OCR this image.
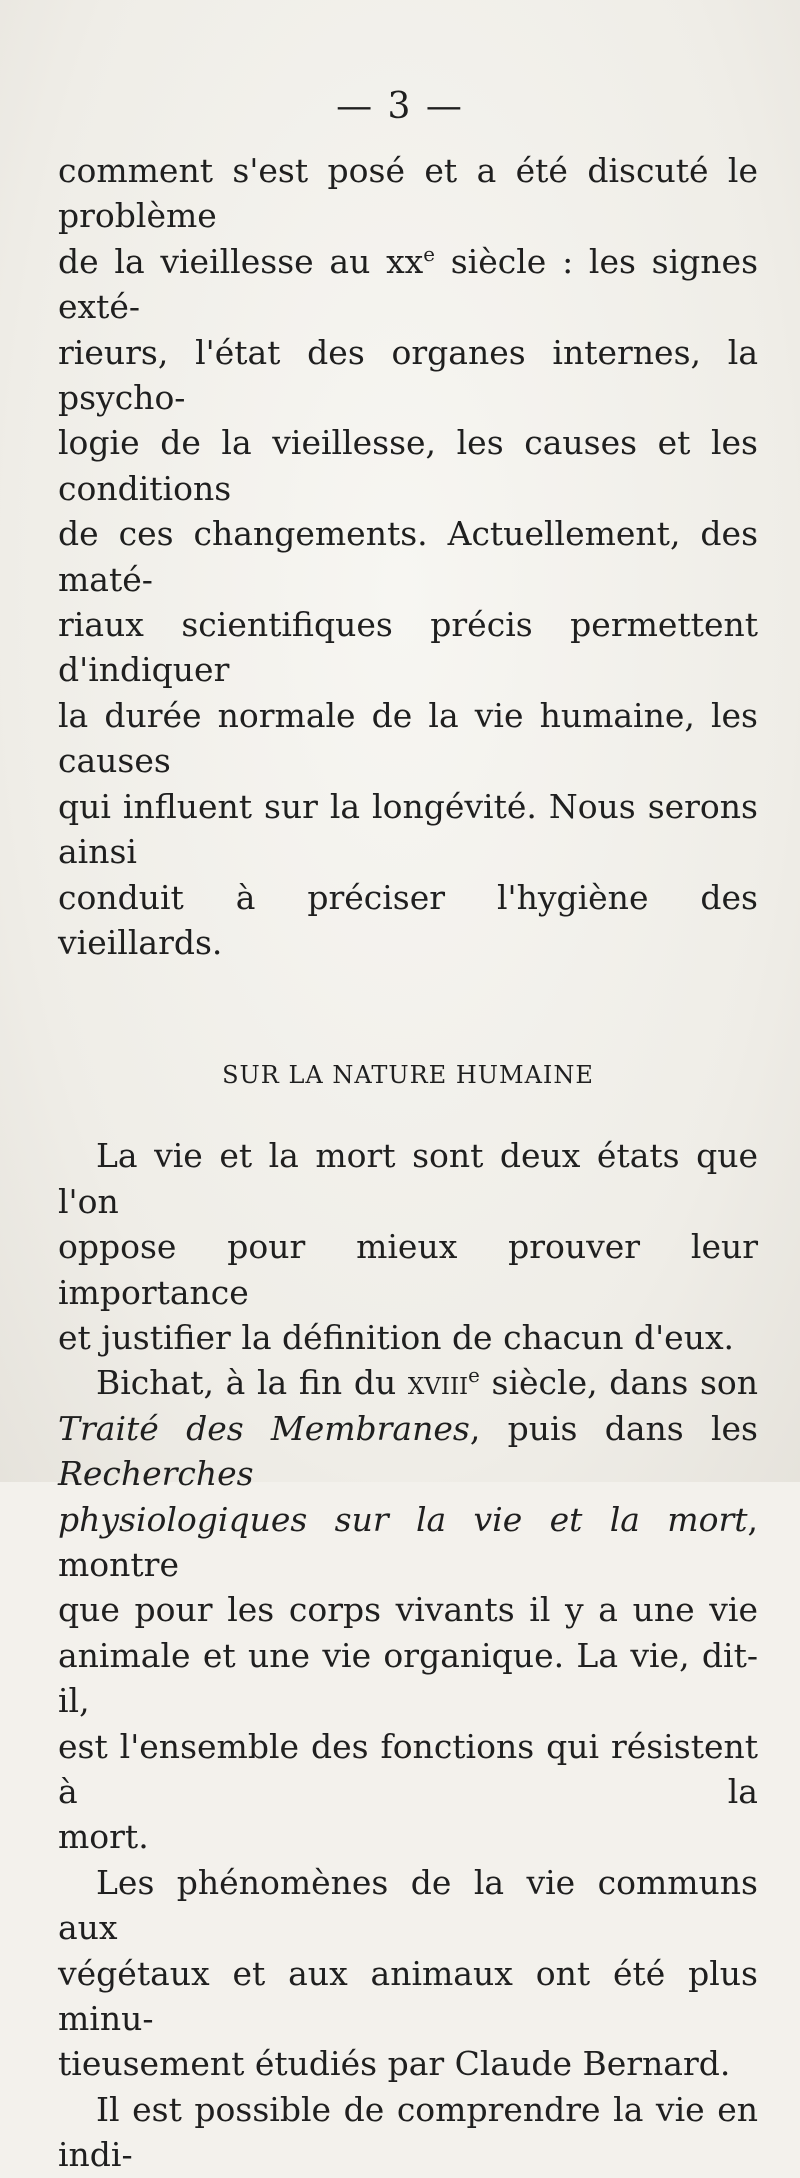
— 3 —

comment s'est posé et a été discuté le problème

de la vieillesse au $xx^e$ siècle : les signes exté-

rieurs, l'état des organes internes, la psycho-

logie de la vieillesse, les causes et les conditions

de ces changements. Actuellement, des maté-

riaux scientifiques précis permettent d'indiquer

la durée normale de la vie humaine, les causes

qui influent sur la longévité. Nous serons ainsi

conduit à préciser l'hygiène des vieillards.

SUR LA NATURE HUMAINE

La vie et la mort sont deux états que l'on

oppose pour mieux prouver leur importance

et justifier la définition de chacun d'eux.

Bichat, à la fin du xviii$^e$ siècle, dans son

Traité des Membranes, puis dans les Recherches

physiologiques sur la vie et la mort, montre

que pour les corps vivants il y a une vie

animale et une vie organique. La vie, dit-il,

est l'ensemble des fonctions qui résistent à la

mort.

Les phénomènes de la vie communs aux

végétaux et aux animaux ont été plus minu-

tieusement étudiés par Claude Bernard.

Il est possible de comprendre la vie en indi-
